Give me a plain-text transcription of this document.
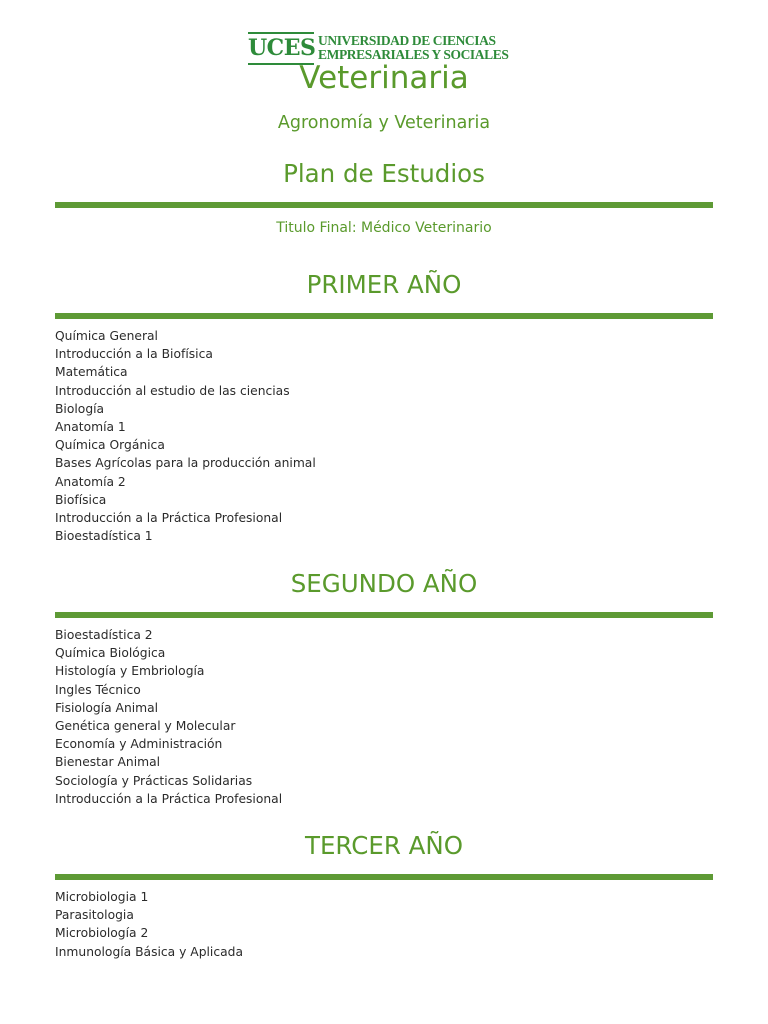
UCES UNIVERSIDAD DE CIENCIAS
EMPRESARIALES Y SOCIALES
Veterinaria
Agronomía y Veterinaria
Plan de Estudios
Titulo Final: Médico Veterinario
PRIMER AÑO
Química General
Introducción a la Biofísica
Matemática
Introducción al estudio de las ciencias
Biología
Anatomía 1
Química Orgánica
Bases Agrícolas para la producción animal
Anatomía 2
Biofísica
Introducción a la Práctica Profesional
Bioestadística 1
SEGUNDO AÑO
Bioestadística 2
Química Biológica
Histología y Embriología
Ingles Técnico
Fisiología Animal
Genética general y Molecular
Economía y Administración
Bienestar Animal
Sociología y Prácticas Solidarias
Introducción a la Práctica Profesional
TERCER AÑO
Microbiologia 1
Parasitologia
Microbiología 2
Inmunología Básica y Aplicada
